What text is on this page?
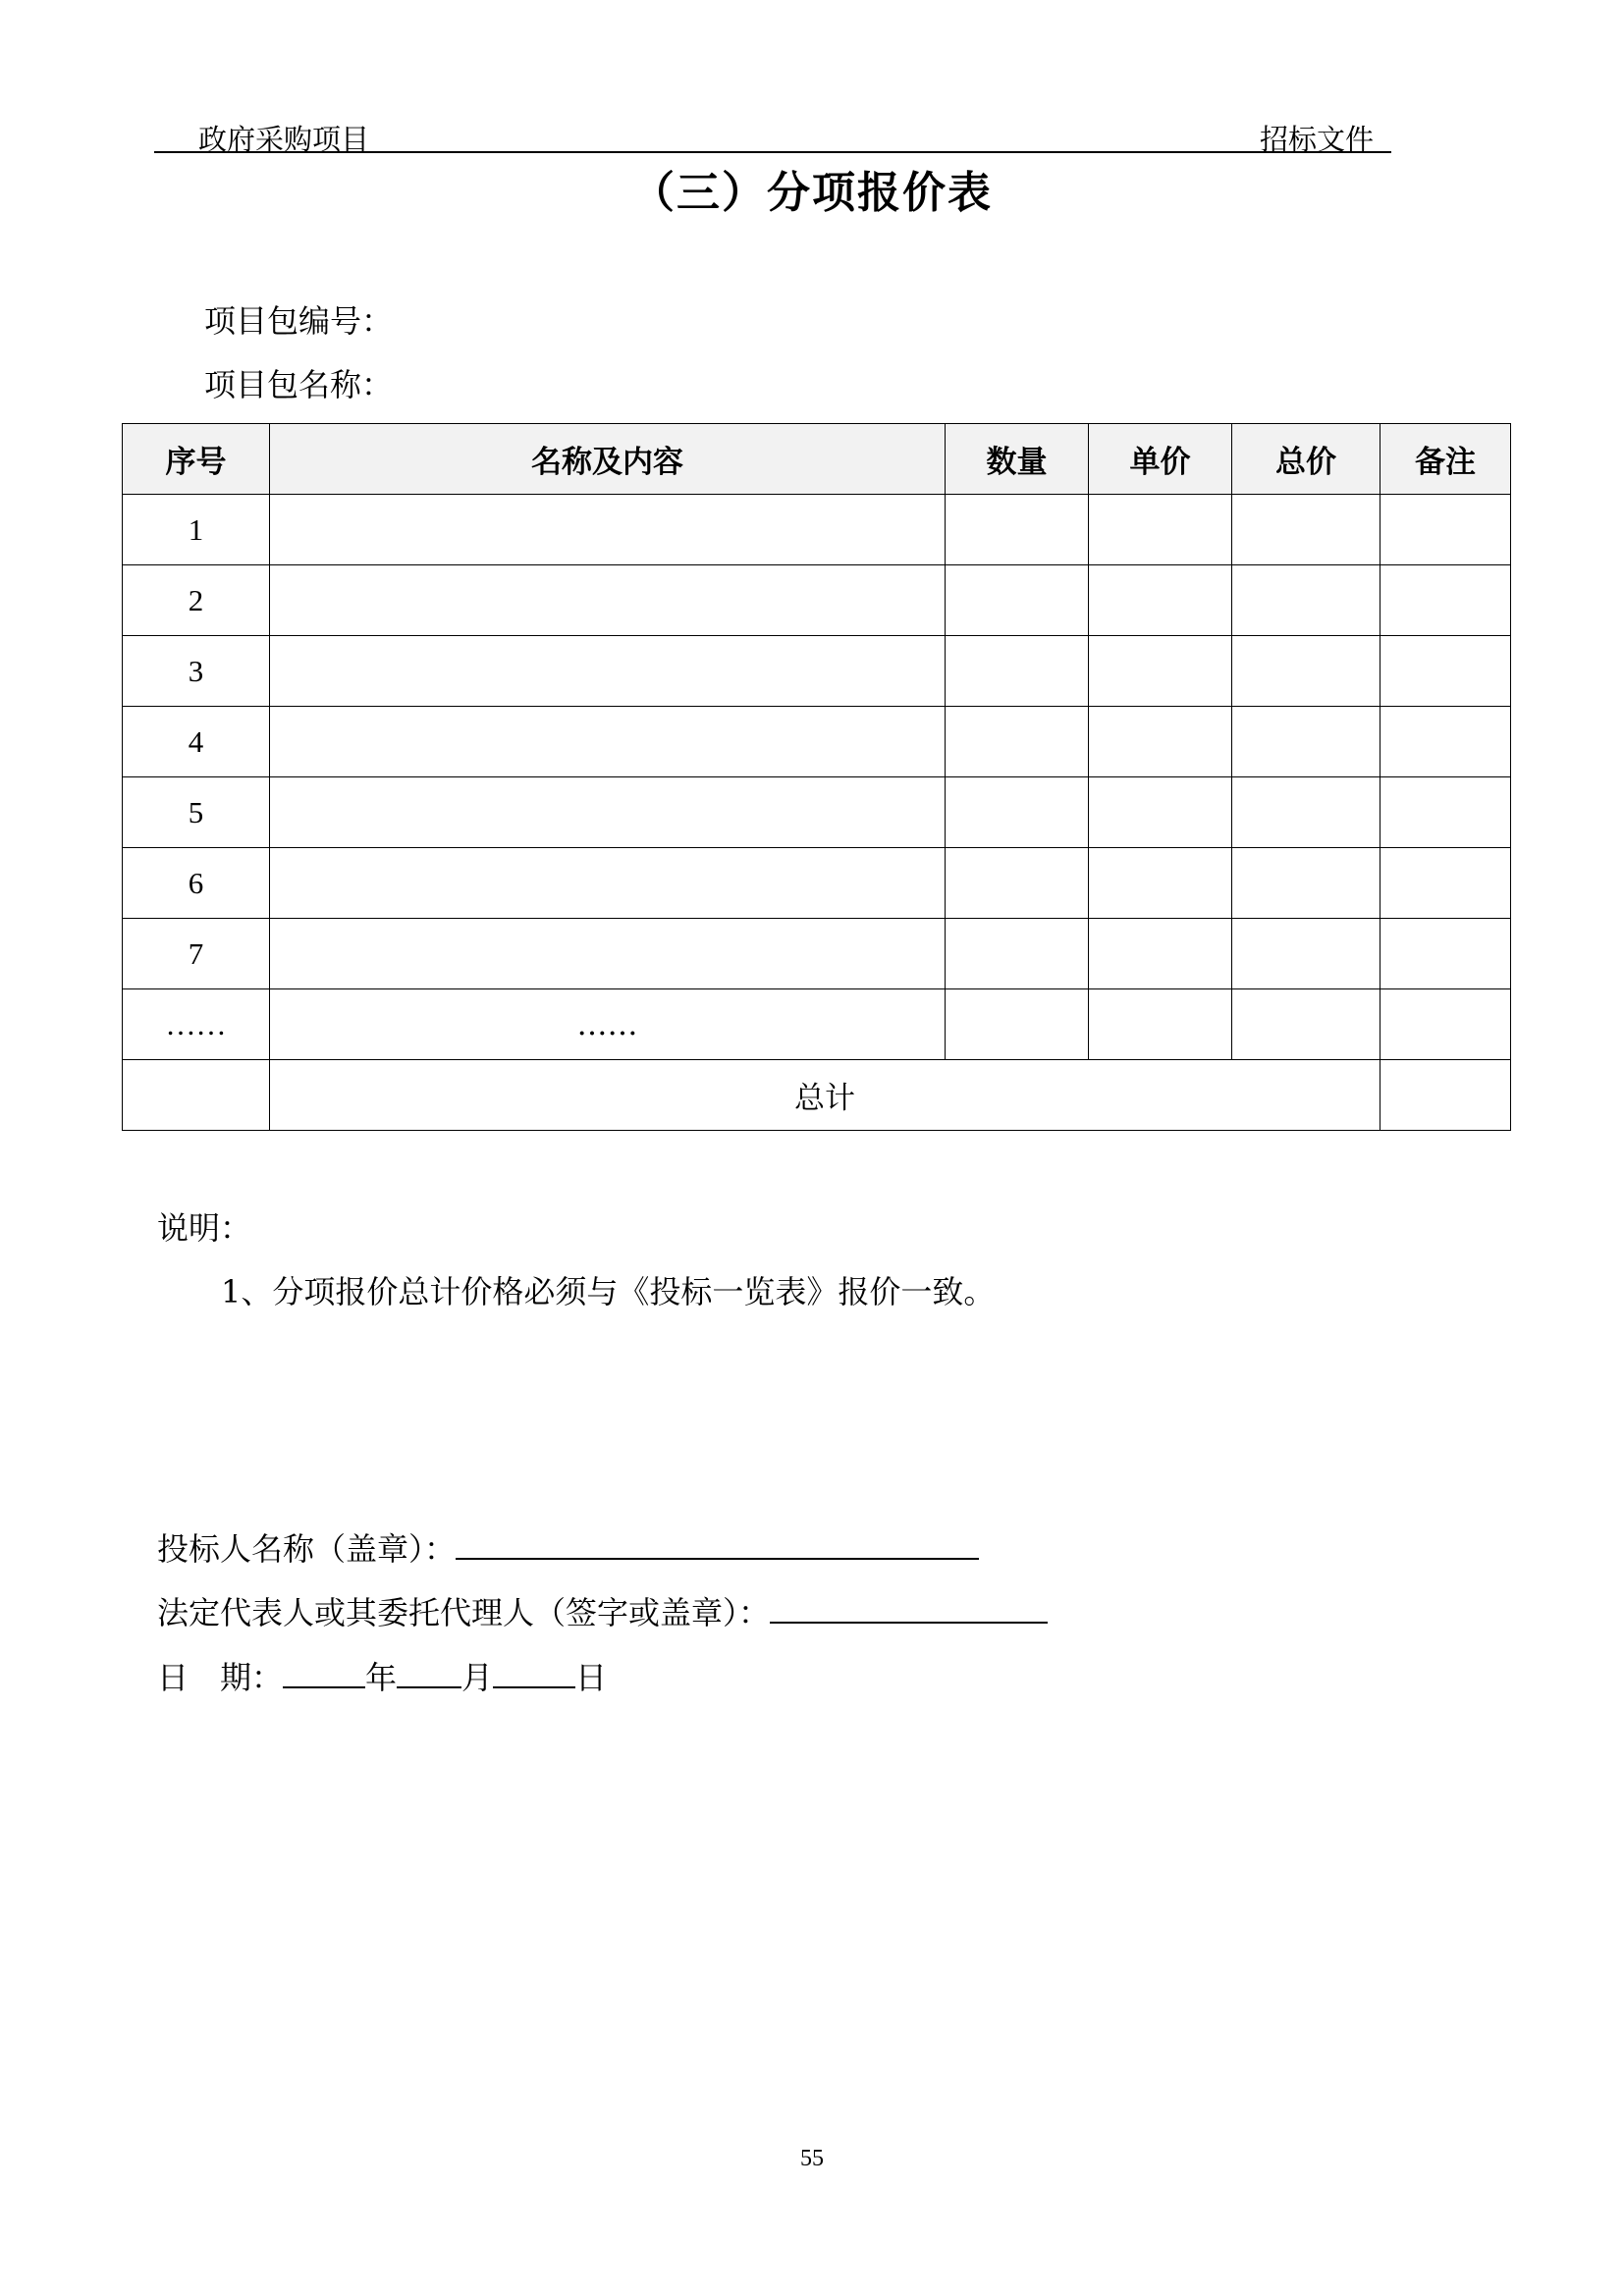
政府采购项目	招标文件
（三）分项报价表
项目包编号：
项目包名称：
序号	名称及内容	数量	单价	总价	备注
1					
2					
3					
4					
5					
6					
7					
……	……				
	总计				
说明：
1、分项报价总计价格必须与《投标一览表》报价一致。
投标人名称（盖章）：
法定代表人或其委托代理人（签字或盖章）：
日　期：	年 月	日
55
